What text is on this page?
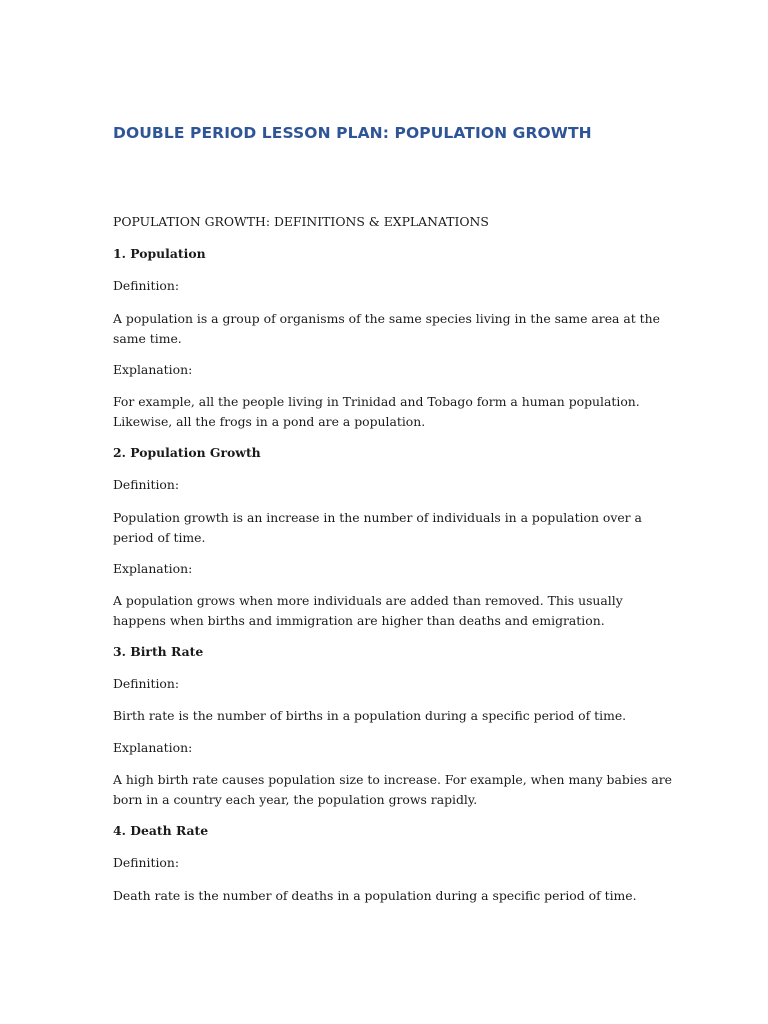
DOUBLE PERIOD LESSON PLAN: POPULATION GROWTH

POPULATION GROWTH: DEFINITIONS & EXPLANATIONS

1. Population

Definition:

A population is a group of organisms of the same species living in the same area at the same time.

Explanation:

For example, all the people living in Trinidad and Tobago form a human population. Likewise, all the frogs in a pond are a population.

2. Population Growth

Definition:

Population growth is an increase in the number of individuals in a population over a period of time.

Explanation:

A population grows when more individuals are added than removed. This usually happens when births and immigration are higher than deaths and emigration.

3. Birth Rate

Definition:

Birth rate is the number of births in a population during a specific period of time.

Explanation:

A high birth rate causes population size to increase. For example, when many babies are born in a country each year, the population grows rapidly.

4. Death Rate

Definition:

Death rate is the number of deaths in a population during a specific period of time.
